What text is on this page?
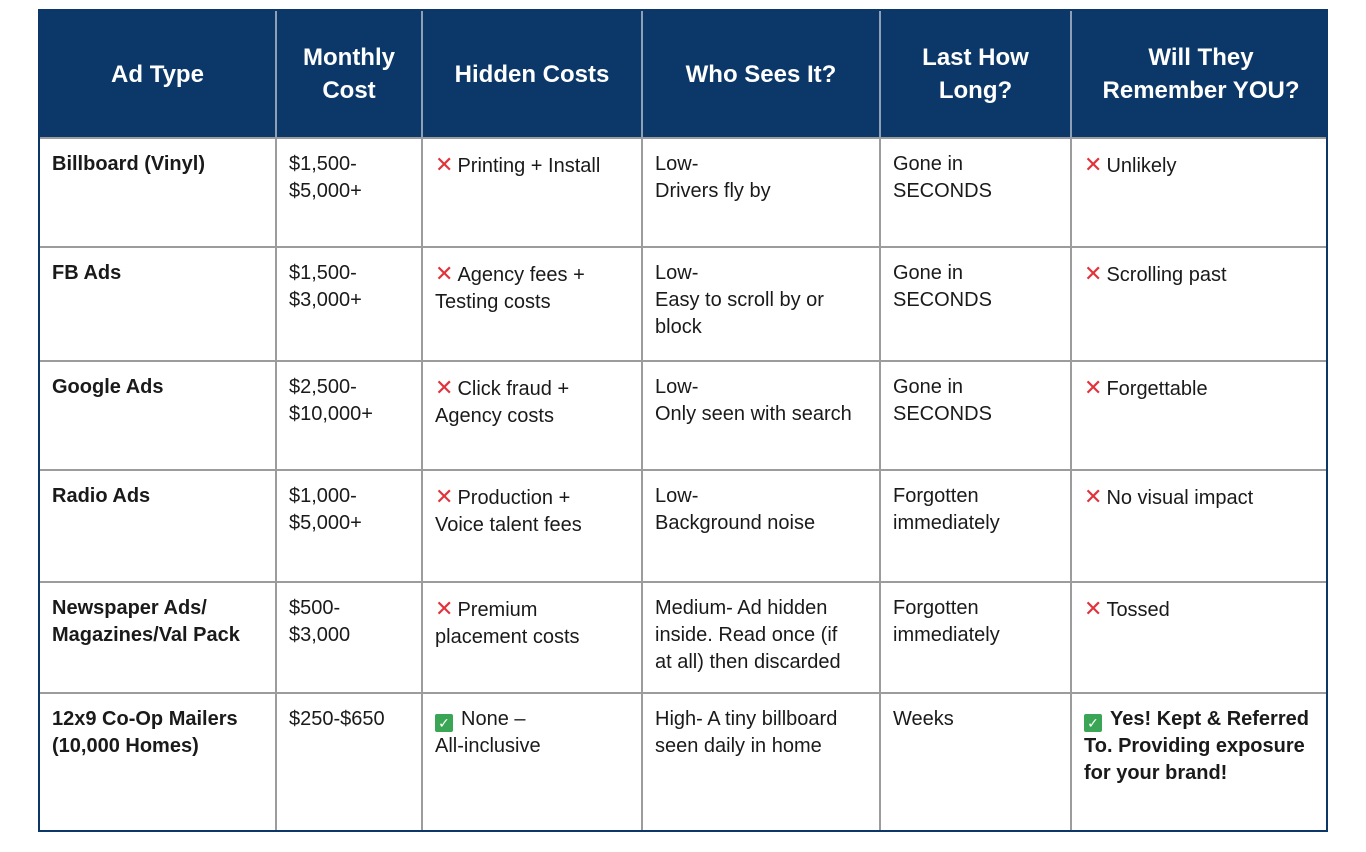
Ad Type	Monthly
Cost	Hidden Costs	Who Sees It?	Last How
Long?	Will They
Remember YOU?

Billboard (Vinyl)	$1,500-
$5,000+	✕ Printing + Install	Low-
Drivers fly by	Gone in
SECONDS	✕ Unlikely

FB Ads	$1,500-
$3,000+	✕ Agency fees +
Testing costs	Low-
Easy to scroll by or
block	Gone in
SECONDS	✕ Scrolling past

Google Ads	$2,500-
$10,000+	✕ Click fraud +
Agency costs	Low-
Only seen with search	Gone in
SECONDS	✕ Forgettable

Radio Ads	$1,000-
$5,000+	✕ Production +
Voice talent fees	Low-
Background noise	Forgotten
immediately	✕ No visual impact

Newspaper Ads/
Magazines/Val Pack	$500-
$3,000	✕ Premium
placement costs	Medium- Ad hidden
inside. Read once (if
at all) then discarded	Forgotten
immediately	✕ Tossed

12x9 Co-Op Mailers
(10,000 Homes)	$250-$650	✓ None –
All-inclusive	High- A tiny billboard
seen daily in home	Weeks	✓ Yes! Kept & Referred
To. Providing exposure
for your brand!
